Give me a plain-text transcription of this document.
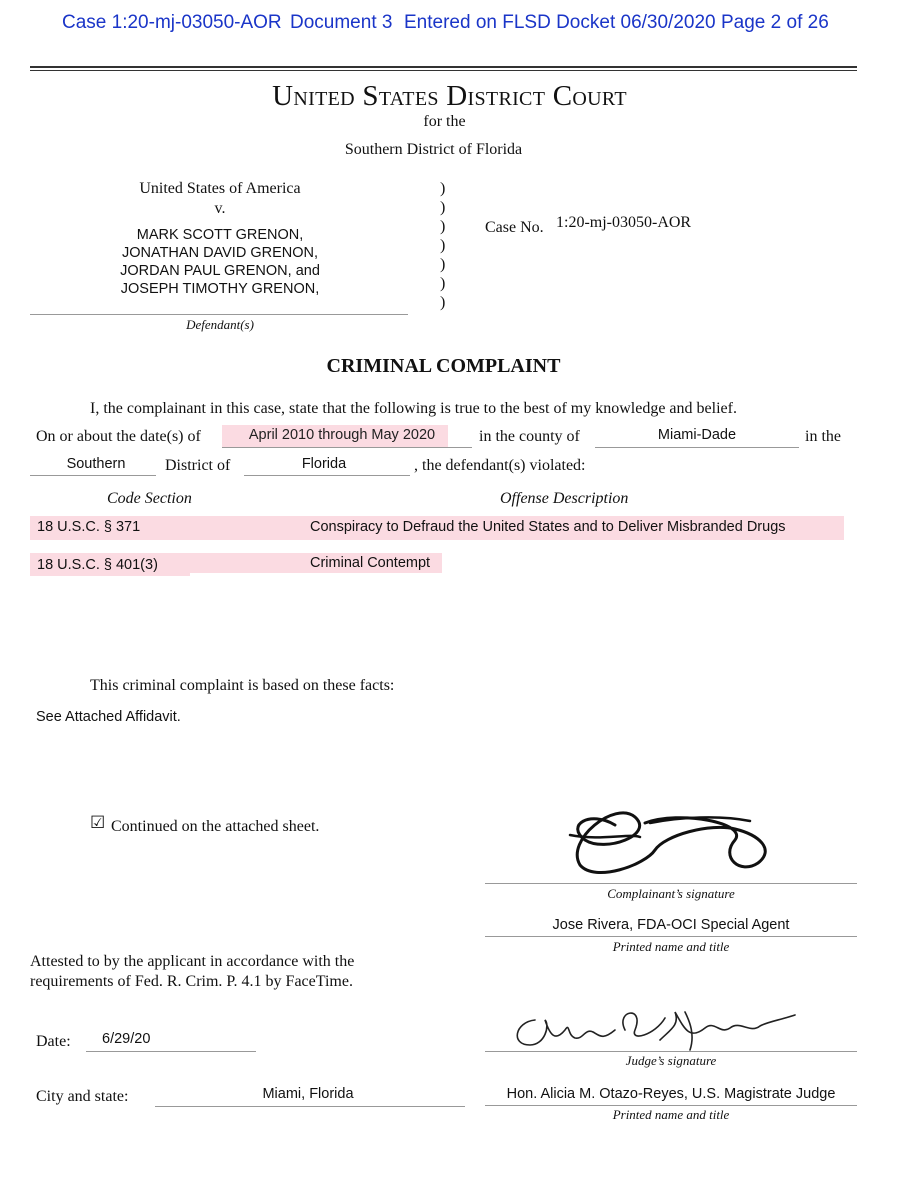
Case 1:20-mj-03050-AOR Document 3 Entered on FLSD Docket 06/30/2020 Page 2 of 26
United States District Court
for the
Southern District of Florida
United States of America
v.
MARK SCOTT GRENON,
JONATHAN DAVID GRENON,
JORDAN PAUL GRENON, and
JOSEPH TIMOTHY GRENON,
Defendant(s)
)
)
)
)
)
)
)
Case No. 1:20-mj-03050-AOR
CRIMINAL COMPLAINT
I, the complainant in this case, state that the following is true to the best of my knowledge and belief.
On or about the date(s) of	April 2010 through May 2020	in the county of	Miami-Dade	in the
Southern	District of	Florida	, the defendant(s) violated:
Code Section	Offense Description
18 U.S.C. § 371	Conspiracy to Defraud the United States and to Deliver Misbranded Drugs
18 U.S.C. § 401(3)	Criminal Contempt
This criminal complaint is based on these facts:
See Attached Affidavit.
☑ Continued on the attached sheet.
Complainant’s signature
Jose Rivera, FDA-OCI Special Agent
Printed name and title
Attested to by the applicant in accordance with the
requirements of Fed. R. Crim. P. 4.1 by FaceTime.
Date: 6/29/20
Judge’s signature
City and state:	Miami, Florida	Hon. Alicia M. Otazo-Reyes, U.S. Magistrate Judge
Printed name and title
